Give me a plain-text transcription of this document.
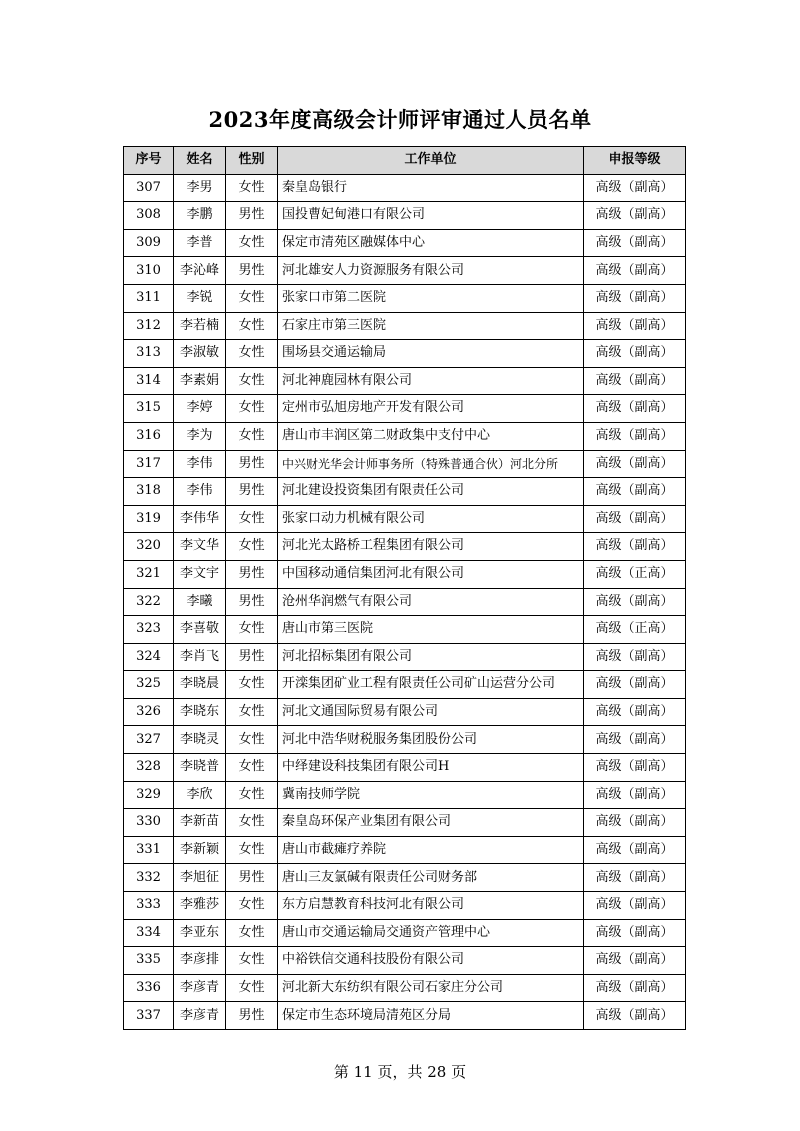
2023年度高级会计师评审通过人员名单
序号	姓名	性别	工作单位	申报等级
307	李男	女性	秦皇岛银行	高级（副高）
308	李鹏	男性	国投曹妃甸港口有限公司	高级（副高）
309	李普	女性	保定市清苑区融媒体中心	高级（副高）
310	李沁峰	男性	河北雄安人力资源服务有限公司	高级（副高）
311	李锐	女性	张家口市第二医院	高级（副高）
312	李若楠	女性	石家庄市第三医院	高级（副高）
313	李淑敏	女性	围场县交通运输局	高级（副高）
314	李素娟	女性	河北神鹿园林有限公司	高级（副高）
315	李婷	女性	定州市弘旭房地产开发有限公司	高级（副高）
316	李为	女性	唐山市丰润区第二财政集中支付中心	高级（副高）
317	李伟	男性	中兴财光华会计师事务所（特殊普通合伙）河北分所	高级（副高）
318	李伟	男性	河北建设投资集团有限责任公司	高级（副高）
319	李伟华	女性	张家口动力机械有限公司	高级（副高）
320	李文华	女性	河北光太路桥工程集团有限公司	高级（副高）
321	李文宇	男性	中国移动通信集团河北有限公司	高级（正高）
322	李曦	男性	沧州华润燃气有限公司	高级（副高）
323	李喜敬	女性	唐山市第三医院	高级（正高）
324	李肖飞	男性	河北招标集团有限公司	高级（副高）
325	李晓晨	女性	开滦集团矿业工程有限责任公司矿山运营分公司	高级（副高）
326	李晓东	女性	河北文通国际贸易有限公司	高级（副高）
327	李晓灵	女性	河北中浩华财税服务集团股份公司	高级（副高）
328	李晓普	女性	中绎建设科技集团有限公司H	高级（副高）
329	李欣	女性	冀南技师学院	高级（副高）
330	李新苗	女性	秦皇岛环保产业集团有限公司	高级（副高）
331	李新颖	女性	唐山市截瘫疗养院	高级（副高）
332	李旭征	男性	唐山三友氯碱有限责任公司财务部	高级（副高）
333	李雅莎	女性	东方启慧教育科技河北有限公司	高级（副高）
334	李亚东	女性	唐山市交通运输局交通资产管理中心	高级（副高）
335	李彦排	女性	中裕铁信交通科技股份有限公司	高级（副高）
336	李彦青	女性	河北新大东纺织有限公司石家庄分公司	高级（副高）
337	李彦青	男性	保定市生态环境局清苑区分局	高级（副高）
第 11 页，共 28 页
